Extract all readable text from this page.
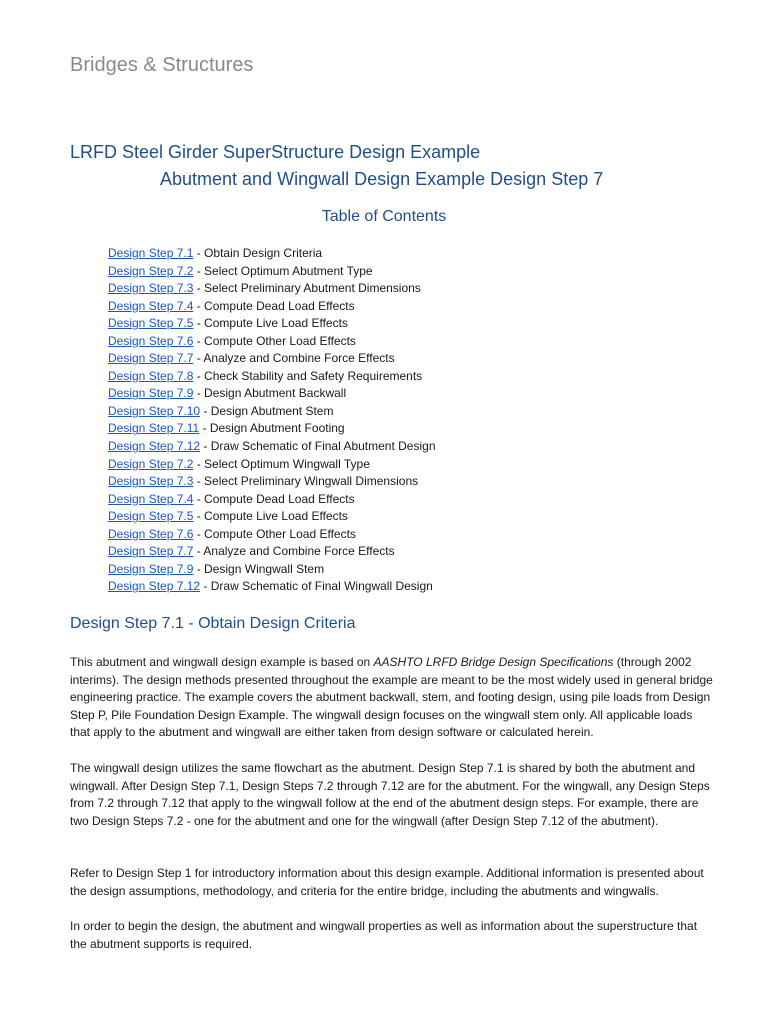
Bridges & Structures
LRFD Steel Girder SuperStructure Design Example
Abutment and Wingwall Design Example Design Step 7
Table of Contents
Design Step 7.1 - Obtain Design Criteria
Design Step 7.2 - Select Optimum Abutment Type
Design Step 7.3 - Select Preliminary Abutment Dimensions
Design Step 7.4 - Compute Dead Load Effects
Design Step 7.5 - Compute Live Load Effects
Design Step 7.6 - Compute Other Load Effects
Design Step 7.7 - Analyze and Combine Force Effects
Design Step 7.8 - Check Stability and Safety Requirements
Design Step 7.9 - Design Abutment Backwall
Design Step 7.10 - Design Abutment Stem
Design Step 7.11 - Design Abutment Footing
Design Step 7.12 - Draw Schematic of Final Abutment Design
Design Step 7.2 - Select Optimum Wingwall Type
Design Step 7.3 - Select Preliminary Wingwall Dimensions
Design Step 7.4 - Compute Dead Load Effects
Design Step 7.5 - Compute Live Load Effects
Design Step 7.6 - Compute Other Load Effects
Design Step 7.7 - Analyze and Combine Force Effects
Design Step 7.9 - Design Wingwall Stem
Design Step 7.12 - Draw Schematic of Final Wingwall Design
Design Step 7.1 - Obtain Design Criteria

This abutment and wingwall design example is based on AASHTO LRFD Bridge Design Specifications (through 2002 interims). The design methods presented throughout the example are meant to be the most widely used in general bridge engineering practice. The example covers the abutment backwall, stem, and footing design, using pile loads from Design Step P, Pile Foundation Design Example. The wingwall design focuses on the wingwall stem only. All applicable loads that apply to the abutment and wingwall are either taken from design software or calculated herein.

The wingwall design utilizes the same flowchart as the abutment. Design Step 7.1 is shared by both the abutment and wingwall. After Design Step 7.1, Design Steps 7.2 through 7.12 are for the abutment. For the wingwall, any Design Steps from 7.2 through 7.12 that apply to the wingwall follow at the end of the abutment design steps. For example, there are two Design Steps 7.2 - one for the abutment and one for the wingwall (after Design Step 7.12 of the abutment).

Refer to Design Step 1 for introductory information about this design example. Additional information is presented about the design assumptions, methodology, and criteria for the entire bridge, including the abutments and wingwalls.

In order to begin the design, the abutment and wingwall properties as well as information about the superstructure that the abutment supports is required.
